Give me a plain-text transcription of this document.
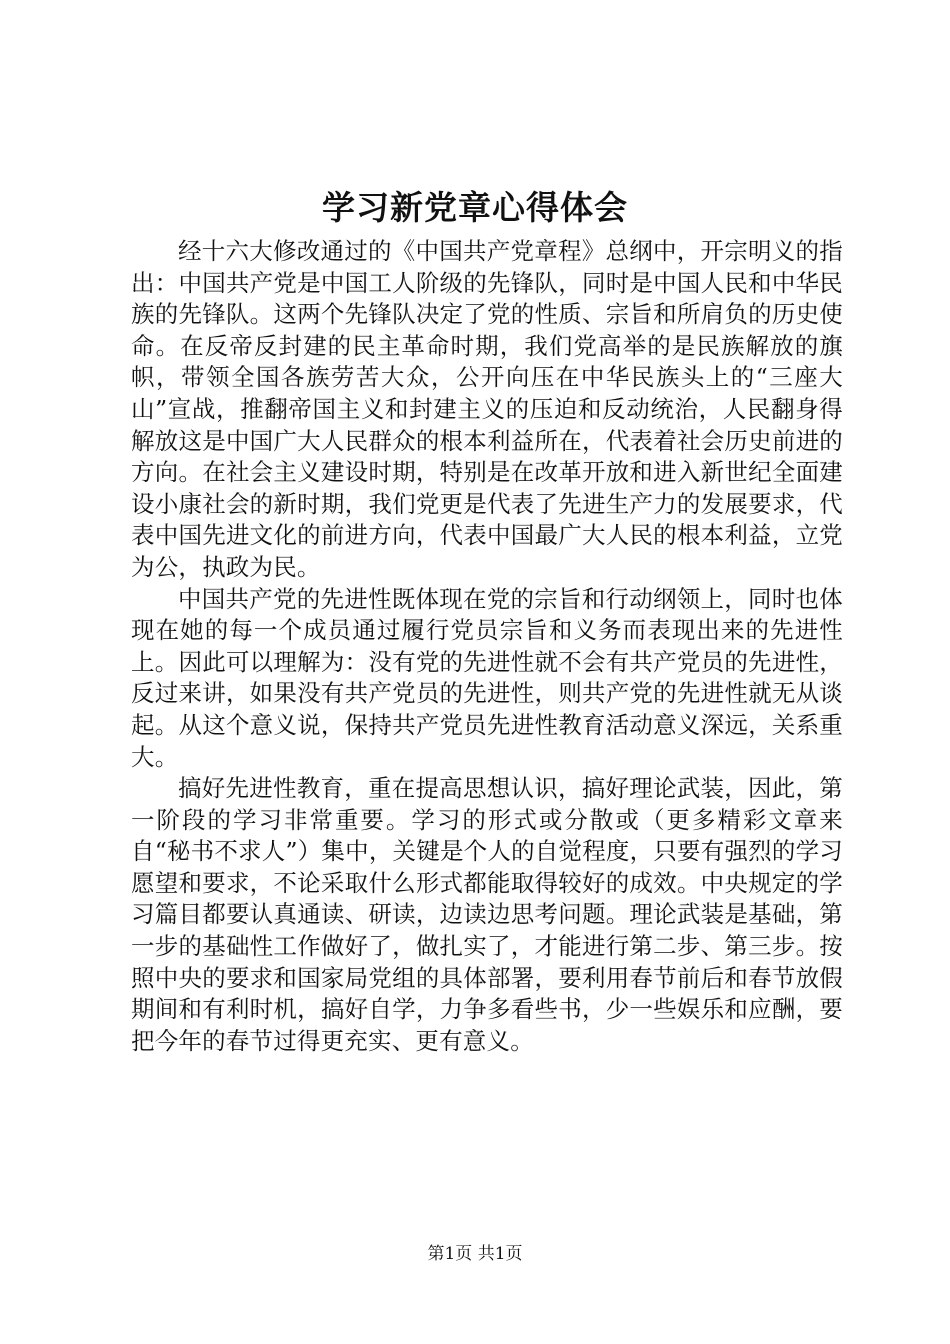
学习新党章心得体会

经十六大修改通过的《中国共产党章程》总纲中，开宗明义的指出：中国共产党是中国工人阶级的先锋队，同时是中国人民和中华民族的先锋队。这两个先锋队决定了党的性质、宗旨和所肩负的历史使命。在反帝反封建的民主革命时期，我们党高举的是民族解放的旗帜，带领全国各族劳苦大众，公开向压在中华民族头上的“三座大山”宣战，推翻帝国主义和封建主义的压迫和反动统治，人民翻身得解放这是中国广大人民群众的根本利益所在，代表着社会历史前进的方向。在社会主义建设时期，特别是在改革开放和进入新世纪全面建设小康社会的新时期，我们党更是代表了先进生产力的发展要求，代表中国先进文化的前进方向，代表中国最广大人民的根本利益，立党为公，执政为民。

中国共产党的先进性既体现在党的宗旨和行动纲领上，同时也体现在她的每一个成员通过履行党员宗旨和义务而表现出来的先进性上。因此可以理解为：没有党的先进性就不会有共产党员的先进性，反过来讲，如果没有共产党员的先进性，则共产党的先进性就无从谈起。从这个意义说，保持共产党员先进性教育活动意义深远，关系重大。

搞好先进性教育，重在提高思想认识，搞好理论武装，因此，第一阶段的学习非常重要。学习的形式或分散或（更多精彩文章来自“秘书不求人”）集中，关键是个人的自觉程度，只要有强烈的学习愿望和要求，不论采取什么形式都能取得较好的成效。中央规定的学习篇目都要认真通读、研读，边读边思考问题。理论武装是基础，第一步的基础性工作做好了，做扎实了，才能进行第二步、第三步。按照中央的要求和国家局党组的具体部署，要利用春节前后和春节放假期间和有利时机，搞好自学，力争多看些书，少一些娱乐和应酬，要把今年的春节过得更充实、更有意义。

第1页 共1页
